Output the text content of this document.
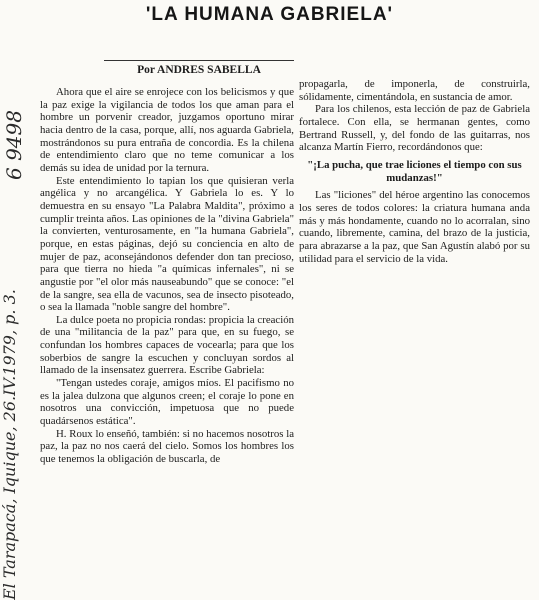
'LA HUMANA GABRIELA'
Por ANDRES SABELLA

Ahora que el aire se enrojece con los belicismos y que la paz exige la vigilancia de todos los que aman para el hombre un porvenir creador, juzgamos oportuno mirar hacia dentro de la casa, porque, allí, nos aguarda Gabriela, mostrándonos su pura entraña de concordia. Es la chilena de entendimiento claro que no teme comunicar a los demás su idea de unidad por la ternura.

Este entendimiento lo tapian los que quisieran verla angélica y no arcangélica. Y Gabriela lo es. Y lo demuestra en su ensayo "La Palabra Maldita", próximo a cumplir treinta años. Las opiniones de la "divina Gabriela" la convierten, venturosamente, en "la humana Gabriela", porque, en estas páginas, dejó su conciencia en alto de mujer de paz, aconsejándonos defender don tan precioso, para que tierra no hieda "a químicas infernales", ni se angustie por "el olor más nauseabundo" que se conoce: "el de la sangre, sea ella de vacunos, sea de insecto pisoteado, o sea la llamada "noble sangre del hombre".

La dulce poeta no propicia rondas: propicia la creación de una "militancia de la paz" para que, en su fuego, se confundan los hombres capaces de vocearla; para que los soberbios de sangre la escuchen y concluyan sordos al llamado de la insensatez guerrera. Escribe Gabriela:

"Tengan ustedes coraje, amigos míos. El pacifismo no es la jalea dulzona que algunos creen; el coraje lo pone en nosotros una convicción, impetuosa que no puede quadársenos estática".

H. Roux lo enseñó, también: si no hacemos nosotros la paz, la paz no nos caerá del cielo. Somos los hombres los que tenemos la obligación de buscarla, de

propagarla, de imponerla, de construirla, sólidamente, cimentándola, en sustancia de amor.

Para los chilenos, esta lección de paz de Gabriela fortalece. Con ella, se hermanan gentes, como Bertrand Russell, y, del fondo de las guitarras, nos alcanza Martín Fierro, recordándonos que:

"¡La pucha, que trae liciones el tiempo con sus mudanzas!"

Las "liciones" del héroe argentino las conocemos los seres de todos colores: la criatura humana anda más y más hondamente, cuando no lo acorralan, sino cuando, libremente, camina, del brazo de la justicia, para abrazarse a la paz, que San Agustín alabó por su utilidad para el servicio de la vida.

El Tarapacá, Iquique, 26.IV.1979, p. 3.
6 9498
